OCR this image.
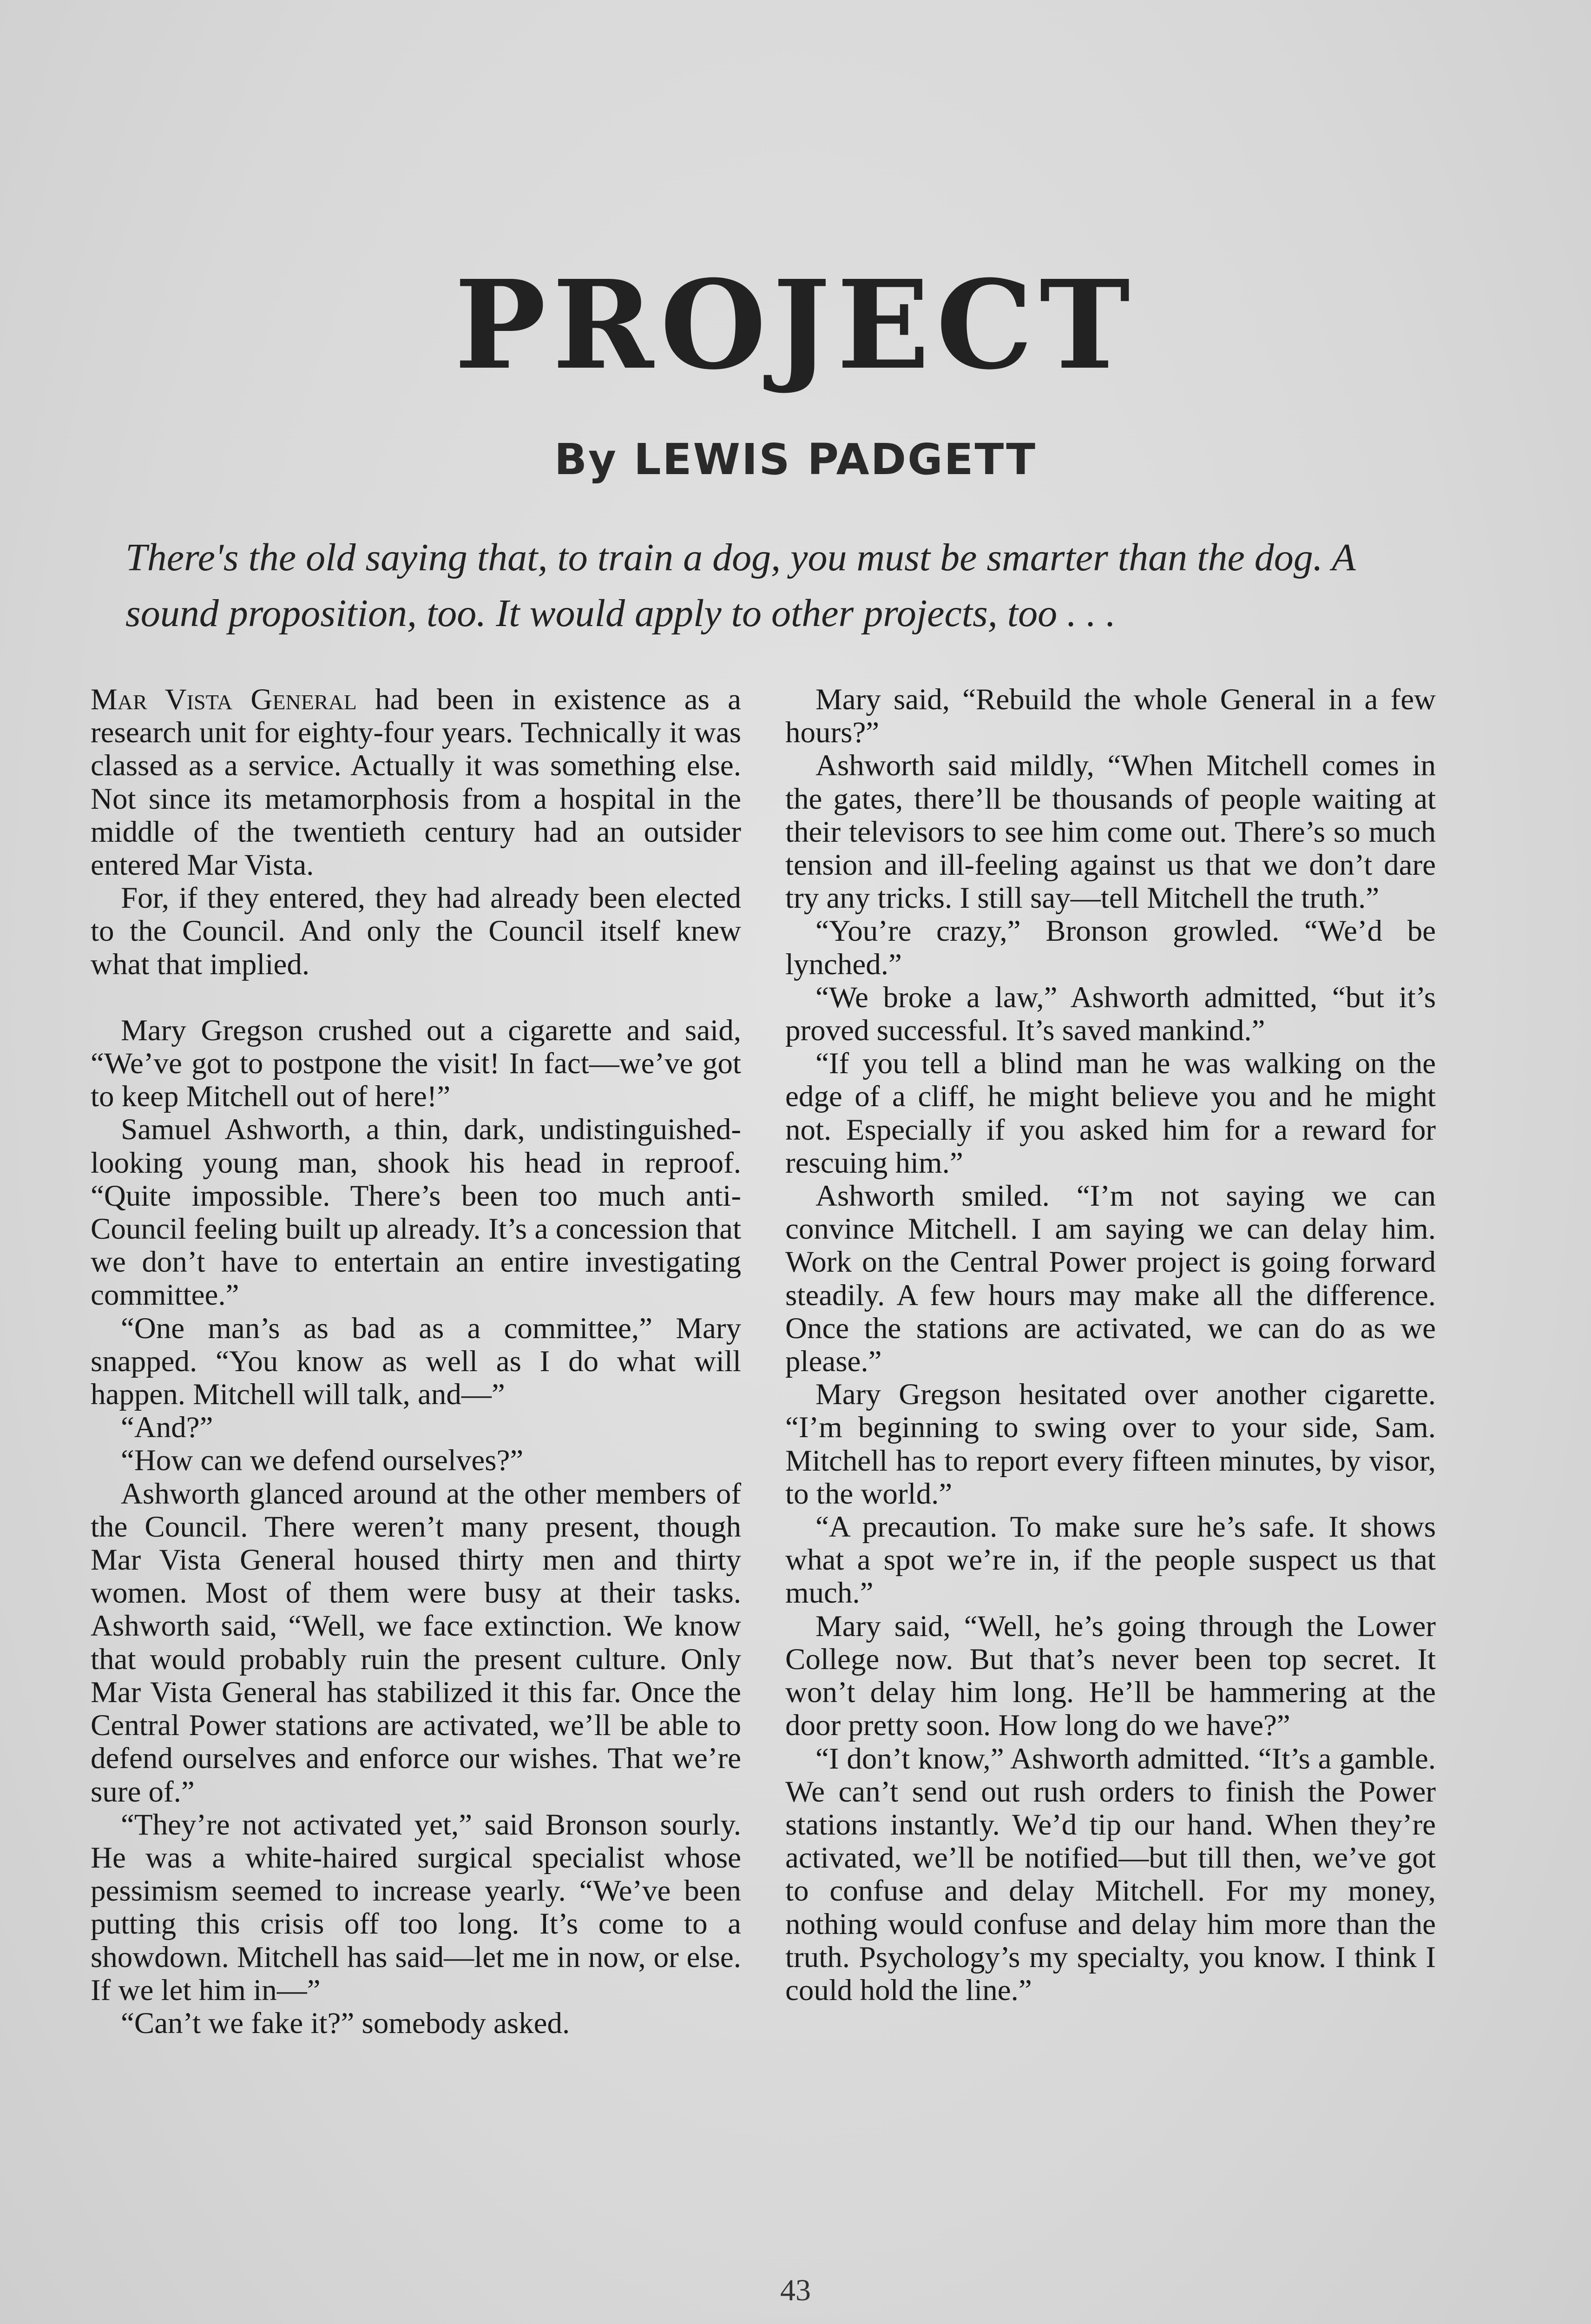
PROJECT
By LEWIS PADGETT

There's the old saying that, to train a dog, you must be smarter than the dog. A sound proposition, too. It would apply to other projects, too . . .

Mar Vista General had been in existence as a research unit for eighty-four years. Technically it was classed as a service. Actually it was something else. Not since its metamorphosis from a hospital in the middle of the twentieth century had an outsider entered Mar Vista.

For, if they entered, they had already been elected to the Council. And only the Council itself knew what that implied.

Mary Gregson crushed out a cigarette and said, “We’ve got to postpone the visit! In fact—we’ve got to keep Mitchell out of here!”

Samuel Ashworth, a thin, dark, undistinguished-looking young man, shook his head in reproof. “Quite impossible. There’s been too much anti-Council feeling built up already. It’s a concession that we don’t have to entertain an entire investigating committee.”

“One man’s as bad as a committee,” Mary snapped. “You know as well as I do what will happen. Mitchell will talk, and—”

“And?”

“How can we defend ourselves?”

Ashworth glanced around at the other members of the Council. There weren’t many present, though Mar Vista General housed thirty men and thirty women. Most of them were busy at their tasks. Ashworth said, “Well, we face extinction. We know that would probably ruin the present culture. Only Mar Vista General has stabilized it this far. Once the Central Power stations are activated, we’ll be able to defend ourselves and enforce our wishes. That we’re sure of.”

“They’re not activated yet,” said Bronson sourly. He was a white-haired surgical specialist whose pessimism seemed to increase yearly. “We’ve been putting this crisis off too long. It’s come to a showdown. Mitchell has said—let me in now, or else. If we let him in—”

“Can’t we fake it?” somebody asked.

Mary said, “Rebuild the whole General in a few hours?”

Ashworth said mildly, “When Mitchell comes in the gates, there’ll be thousands of people waiting at their televisors to see him come out. There’s so much tension and ill-feeling against us that we don’t dare try any tricks. I still say—tell Mitchell the truth.”

“You’re crazy,” Bronson growled. “We’d be lynched.”

“We broke a law,” Ashworth admitted, “but it’s proved successful. It’s saved mankind.”

“If you tell a blind man he was walking on the edge of a cliff, he might believe you and he might not. Especially if you asked him for a reward for rescuing him.”

Ashworth smiled. “I’m not saying we can convince Mitchell. I am saying we can delay him. Work on the Central Power project is going forward steadily. A few hours may make all the difference. Once the stations are activated, we can do as we please.”

Mary Gregson hesitated over another cigarette. “I’m beginning to swing over to your side, Sam. Mitchell has to report every fifteen minutes, by visor, to the world.”

“A precaution. To make sure he’s safe. It shows what a spot we’re in, if the people suspect us that much.”

Mary said, “Well, he’s going through the Lower College now. But that’s never been top secret. It won’t delay him long. He’ll be hammering at the door pretty soon. How long do we have?”

“I don’t know,” Ashworth admitted. “It’s a gamble. We can’t send out rush orders to finish the Power stations instantly. We’d tip our hand. When they’re activated, we’ll be notified—but till then, we’ve got to confuse and delay Mitchell. For my money, nothing would confuse and delay him more than the truth. Psychology’s my specialty, you know. I think I could hold the line.”

43
